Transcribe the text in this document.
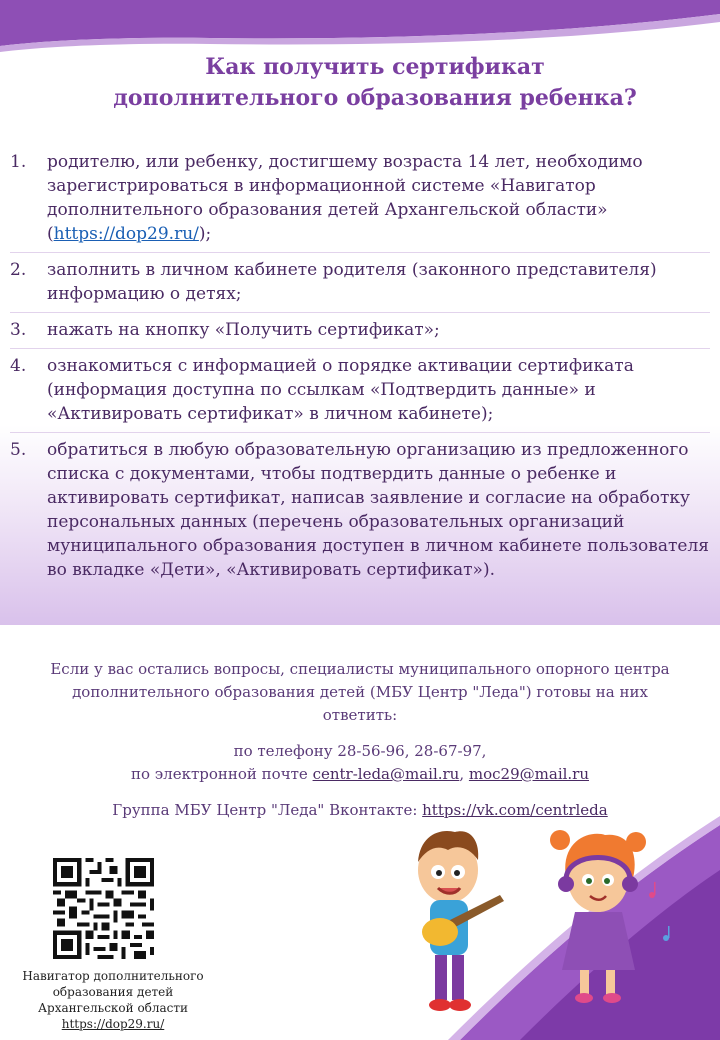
Как получить сертификат
дополнительного образования ребенка?
1. родителю, или ребенку, достигшему возраста 14 лет, необходимо зарегистрироваться в информационной системе «Навигатор дополнительного образования детей Архангельской области» (https://dop29.ru/);
2. заполнить в личном кабинете родителя (законного представителя) информацию о детях;
3. нажать на кнопку «Получить сертификат»;
4. ознакомиться с информацией о порядке активации сертификата (информация доступна по ссылкам «Подтвердить данные» и «Активировать сертификат» в личном кабинете);
5. обратиться в любую образовательную организацию из предложенного списка с документами, чтобы подтвердить данные о ребенке и активировать сертификат, написав заявление и согласие на обработку персональных данных (перечень образовательных организаций муниципального образования доступен в личном кабинете пользователя во вкладке «Дети», «Активировать сертификат»).

Если у вас остались вопросы, специалисты муниципального опорного центра дополнительного образования детей (МБУ Центр "Леда") готовы на них ответить:

по телефону 28-56-96, 28-67-97,

по электронной почте centr-leda@mail.ru, moc29@mail.ru

Группа МБУ Центр "Леда" Вконтакте: https://vk.com/centrleda

Навигатор дополнительного
образования детей
Архангельской области
https://dop29.ru/
